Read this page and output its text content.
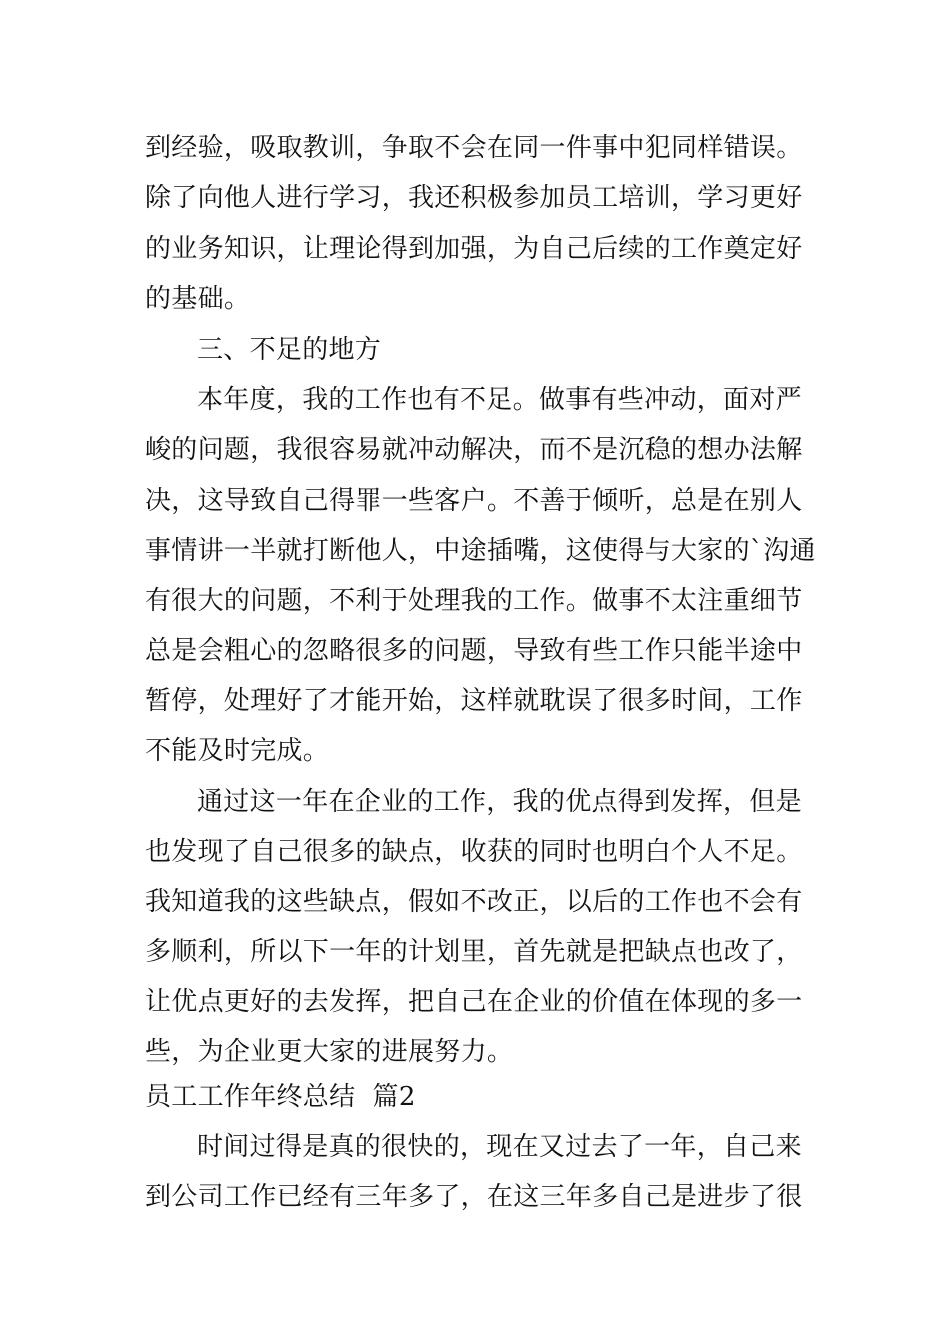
到经验，吸取教训，争取不会在同一件事中犯同样错误。
除了向他人进行学习，我还积极参加员工培训，学习更好
的业务知识，让理论得到加强，为自己后续的工作奠定好
的基础。
三、不足的地方
本年度，我的工作也有不足。做事有些冲动，面对严
峻的问题，我很容易就冲动解决，而不是沉稳的想办法解
决，这导致自己得罪一些客户。不善于倾听，总是在别人
事情讲一半就打断他人，中途插嘴，这使得与大家的`沟通
有很大的问题，不利于处理我的工作。做事不太注重细节
总是会粗心的忽略很多的问题，导致有些工作只能半途中
暂停，处理好了才能开始，这样就耽误了很多时间，工作
不能及时完成。
通过这一年在企业的工作，我的优点得到发挥，但是
也发现了自己很多的缺点，收获的同时也明白个人不足。
我知道我的这些缺点，假如不改正，以后的工作也不会有
多顺利，所以下一年的计划里，首先就是把缺点也改了，
让优点更好的去发挥，把自己在企业的价值在体现的多一
些，为企业更大家的进展努力。
员工工作年终总结  篇2
时间过得是真的很快的，现在又过去了一年，自己来
到公司工作已经有三年多了，在这三年多自己是进步了很
